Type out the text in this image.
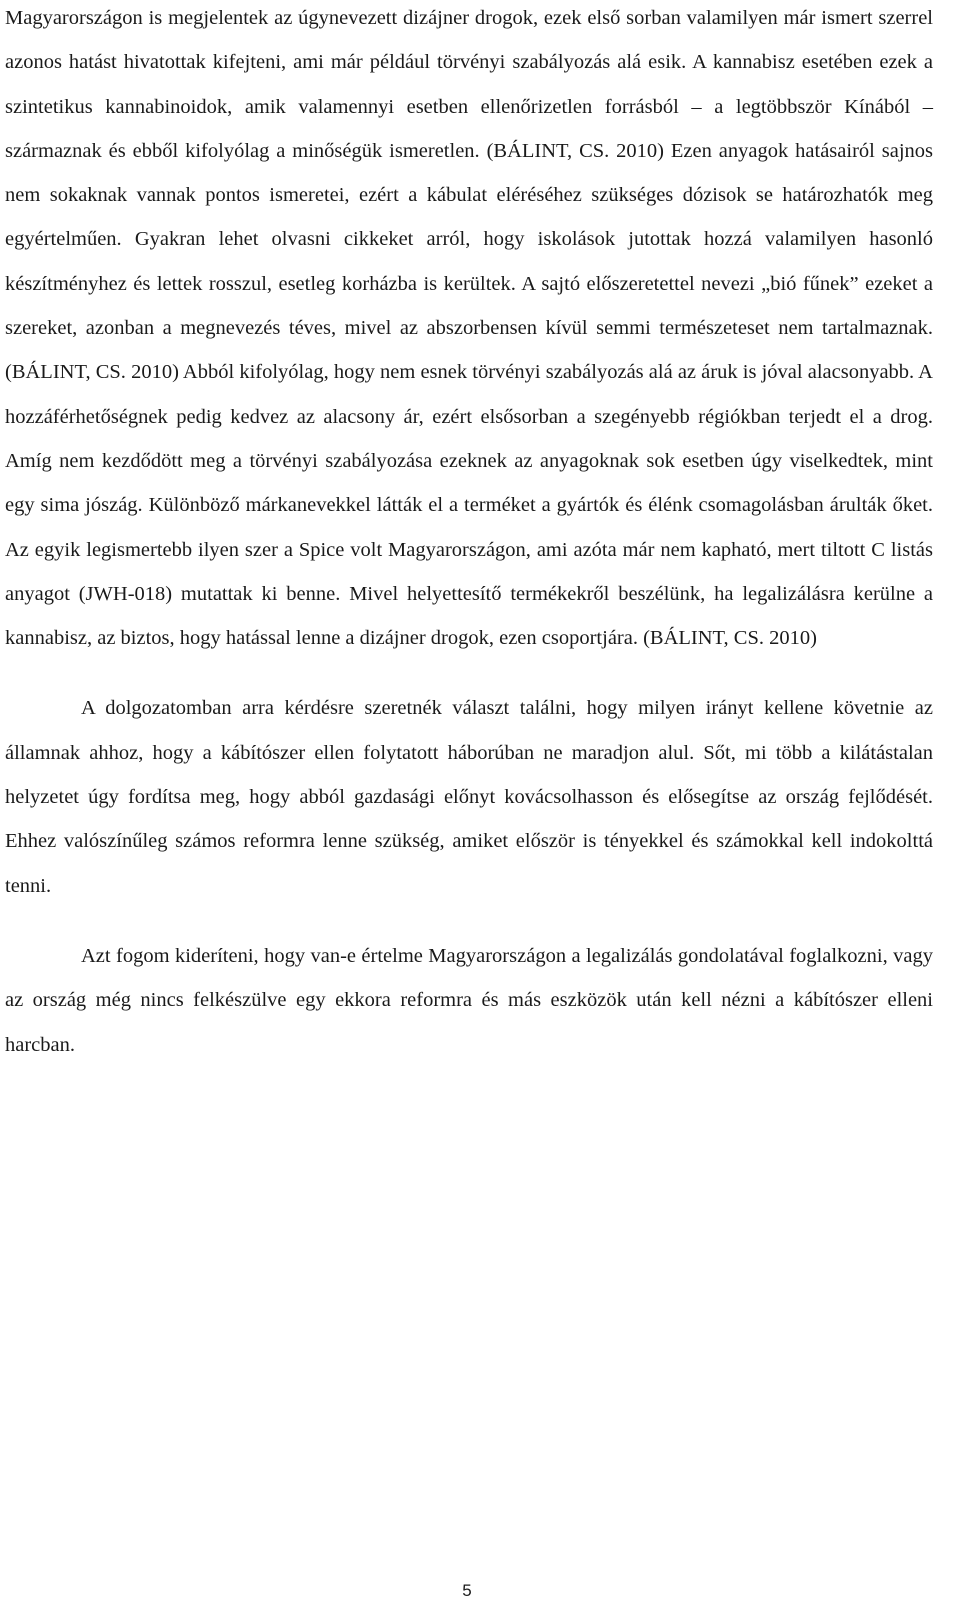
Magyarországon is megjelentek az úgynevezett dizájner drogok, ezek első sorban valamilyen már ismert szerrel azonos hatást hivatottak kifejteni, ami már például törvényi szabályozás alá esik. A kannabisz esetében ezek a szintetikus kannabinoidok, amik valamennyi esetben ellenőrizetlen forrásból – a legtöbbször Kínából – származnak és ebből kifolyólag a minőségük ismeretlen. (BÁLINT, CS. 2010) Ezen anyagok hatásairól sajnos nem sokaknak vannak pontos ismeretei, ezért a kábulat eléréséhez szükséges dózisok se határozhatók meg egyértelműen. Gyakran lehet olvasni cikkeket arról, hogy iskolások jutottak hozzá valamilyen hasonló készítményhez és lettek rosszul, esetleg korházba is kerültek. A sajtó előszeretettel nevezi „bió fűnek” ezeket a szereket, azonban a megnevezés téves, mivel az abszorbensen kívül semmi természeteset nem tartalmaznak. (BÁLINT, CS. 2010) Abból kifolyólag, hogy nem esnek törvényi szabályozás alá az áruk is jóval alacsonyabb. A hozzáférhetőségnek pedig kedvez az alacsony ár, ezért elsősorban a szegényebb régiókban terjedt el a drog. Amíg nem kezdődött meg a törvényi szabályozása ezeknek az anyagoknak sok esetben úgy viselkedtek, mint egy sima jószág. Különböző márkanevekkel látták el a terméket a gyártók és élénk csomagolásban árulták őket. Az egyik legismertebb ilyen szer a Spice volt Magyarországon, ami azóta már nem kapható, mert tiltott C listás anyagot (JWH-018) mutattak ki benne. Mivel helyettesítő termékekről beszélünk, ha legalizálásra kerülne a kannabisz, az biztos, hogy hatással lenne a dizájner drogok, ezen csoportjára. (BÁLINT, CS. 2010)

A dolgozatomban arra kérdésre szeretnék választ találni, hogy milyen irányt kellene követnie az államnak ahhoz, hogy a kábítószer ellen folytatott háborúban ne maradjon alul. Sőt, mi több a kilátástalan helyzetet úgy fordítsa meg, hogy abból gazdasági előnyt kovácsolhasson és elősegítse az ország fejlődését. Ehhez valószínűleg számos reformra lenne szükség, amiket először is tényekkel és számokkal kell indokolttá tenni.

Azt fogom kideríteni, hogy van-e értelme Magyarországon a legalizálás gondolatával foglalkozni, vagy az ország még nincs felkészülve egy ekkora reformra és más eszközök után kell nézni a kábítószer elleni harcban.

5
